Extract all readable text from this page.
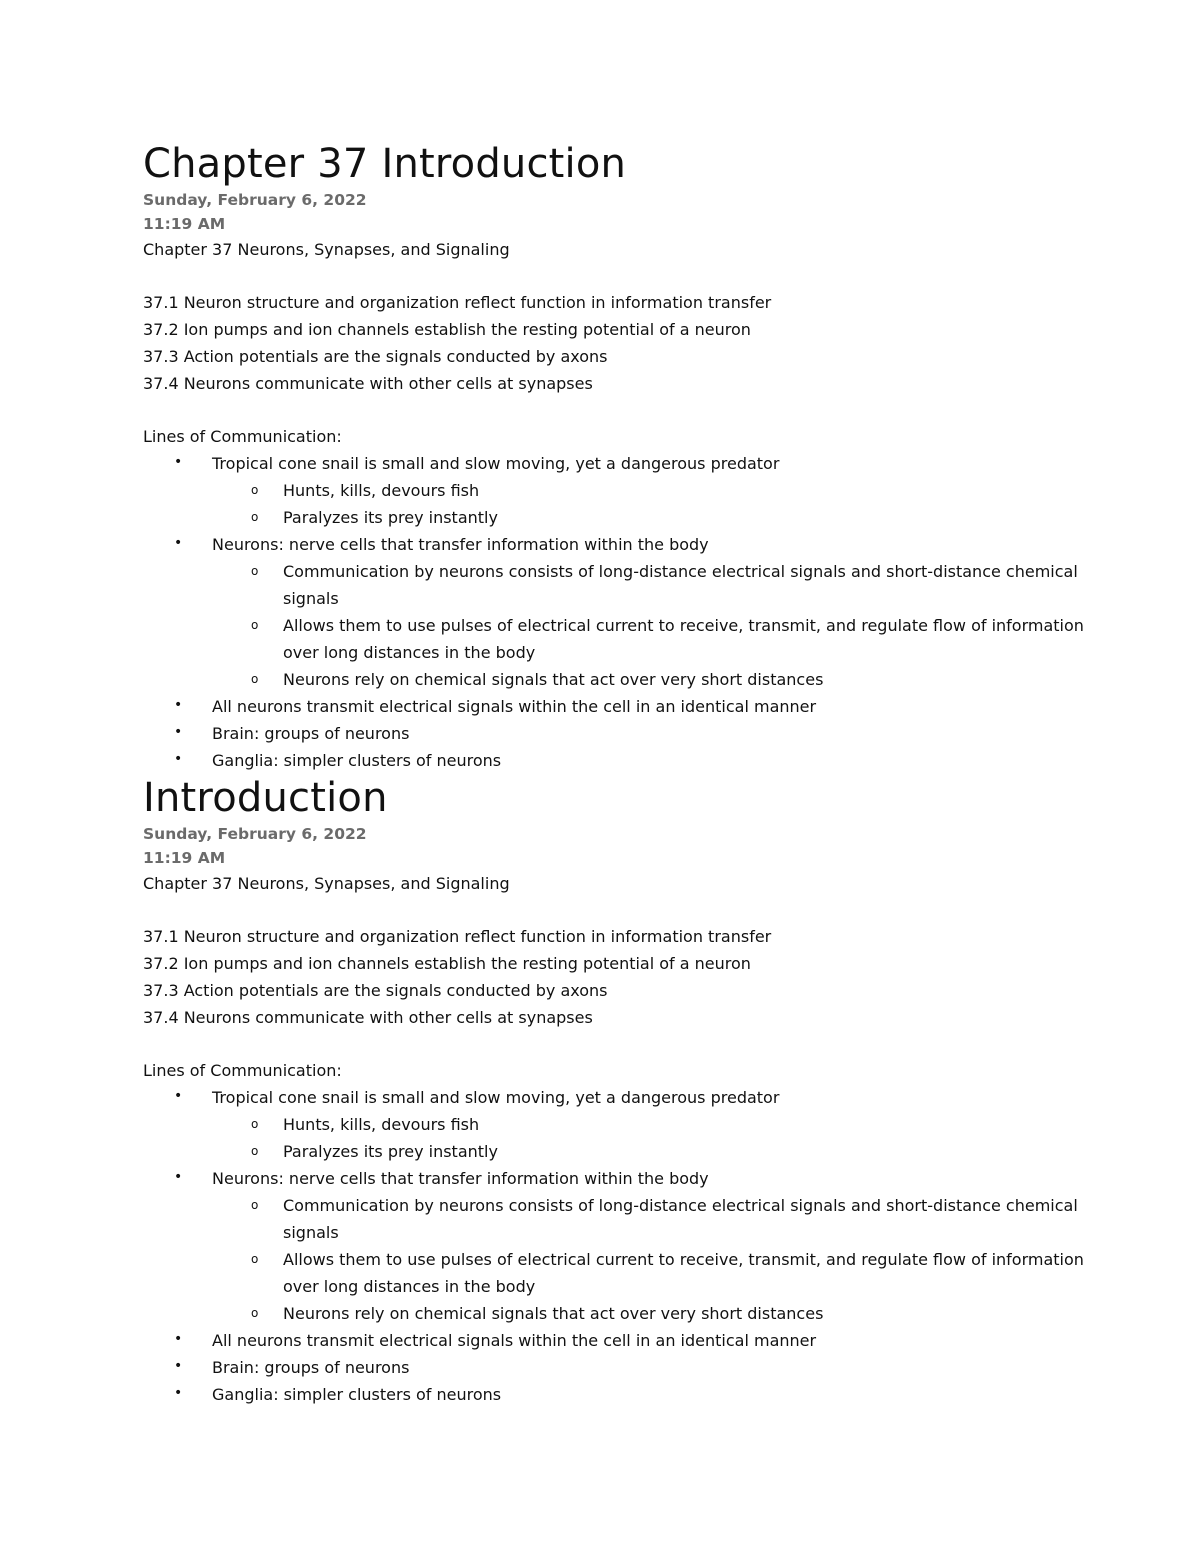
Chapter 37 Introduction
Sunday, February 6, 2022
11:19 AM

Chapter 37 Neurons, Synapses, and Signaling

37.1 Neuron structure and organization reflect function in information transfer

37.2 Ion pumps and ion channels establish the resting potential of a neuron

37.3 Action potentials are the signals conducted by axons

37.4 Neurons communicate with other cells at synapses

Lines of Communication:

• Tropical cone snail is small and slow moving, yet a dangerous predator
o Hunts, kills, devours fish
o Paralyzes its prey instantly
• Neurons: nerve cells that transfer information within the body
o Communication by neurons consists of long-distance electrical signals and short-distance chemical signals
o Allows them to use pulses of electrical current to receive, transmit, and regulate flow of information over long distances in the body
o Neurons rely on chemical signals that act over very short distances
• All neurons transmit electrical signals within the cell in an identical manner
• Brain: groups of neurons
• Ganglia: simpler clusters of neurons
Introduction
Sunday, February 6, 2022
11:19 AM

Chapter 37 Neurons, Synapses, and Signaling

37.1 Neuron structure and organization reflect function in information transfer

37.2 Ion pumps and ion channels establish the resting potential of a neuron

37.3 Action potentials are the signals conducted by axons

37.4 Neurons communicate with other cells at synapses

Lines of Communication:

• Tropical cone snail is small and slow moving, yet a dangerous predator
o Hunts, kills, devours fish
o Paralyzes its prey instantly
• Neurons: nerve cells that transfer information within the body
o Communication by neurons consists of long-distance electrical signals and short-distance chemical signals
o Allows them to use pulses of electrical current to receive, transmit, and regulate flow of information over long distances in the body
o Neurons rely on chemical signals that act over very short distances
• All neurons transmit electrical signals within the cell in an identical manner
• Brain: groups of neurons
• Ganglia: simpler clusters of neurons
